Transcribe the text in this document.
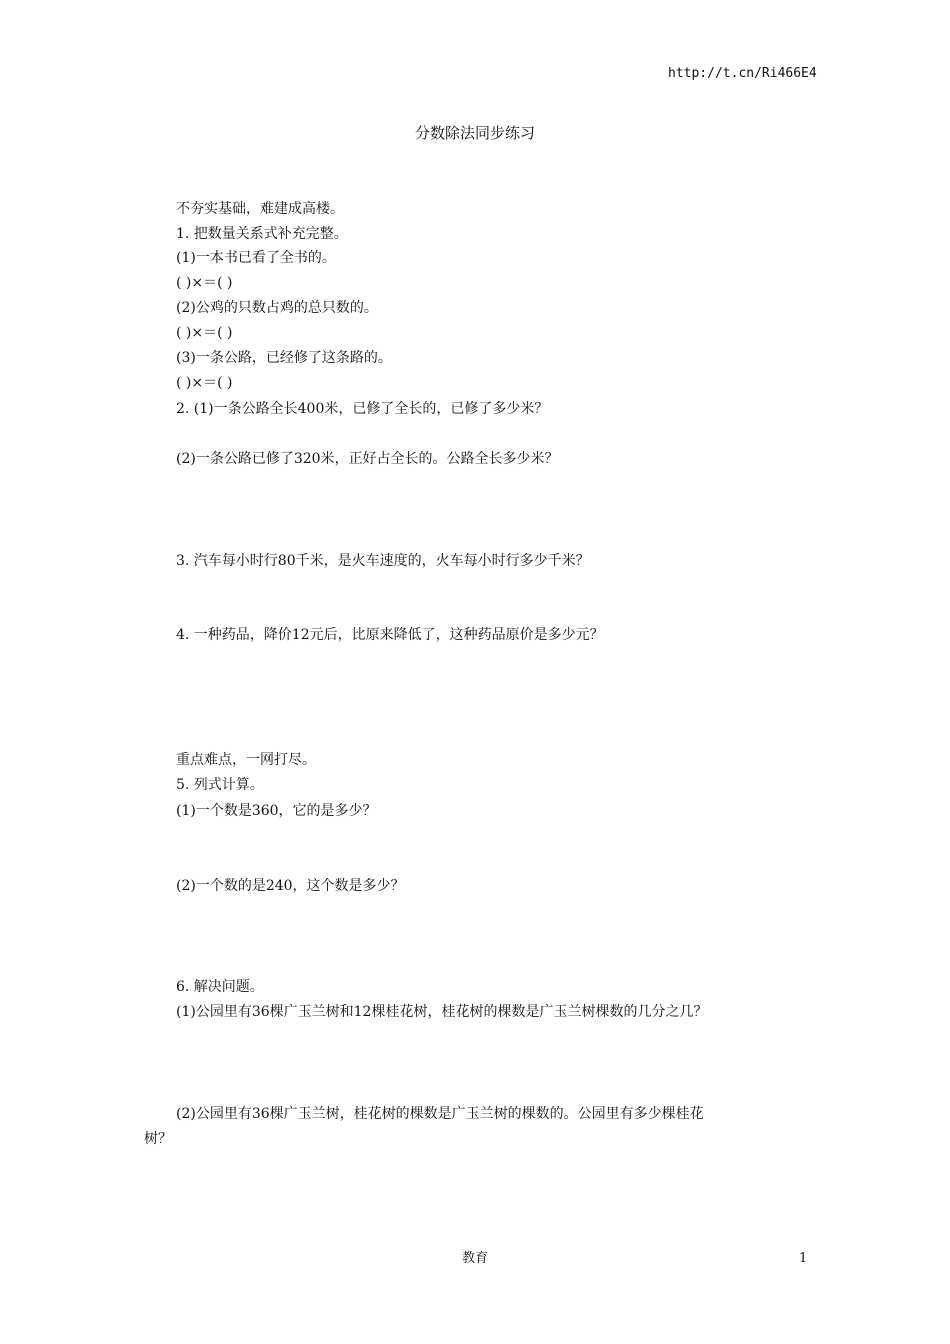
http://t.cn/Ri466E4
分数除法同步练习
不夯实基础，难建成高楼。
1. 把数量关系式补充完整。
(1)一本书已看了全书的。
( )×＝( )
(2)公鸡的只数占鸡的总只数的。
( )×＝( )
(3)一条公路，已经修了这条路的。
( )×＝( )
2. (1)一条公路全长400米，已修了全长的，已修了多少米？
(2)一条公路已修了320米，正好占全长的。公路全长多少米？
3. 汽车每小时行80千米，是火车速度的，火车每小时行多少千米？
4. 一种药品，降价12元后，比原来降低了，这种药品原价是多少元？
重点难点，一网打尽。
5. 列式计算。
(1)一个数是360，它的是多少？
(2)一个数的是240，这个数是多少？
6. 解决问题。
(1)公园里有36棵广玉兰树和12棵桂花树，桂花树的棵数是广玉兰树棵数的几分之几？
(2)公园里有36棵广玉兰树，桂花树的棵数是广玉兰树的棵数的。公园里有多少棵桂花
树？
教育	1
